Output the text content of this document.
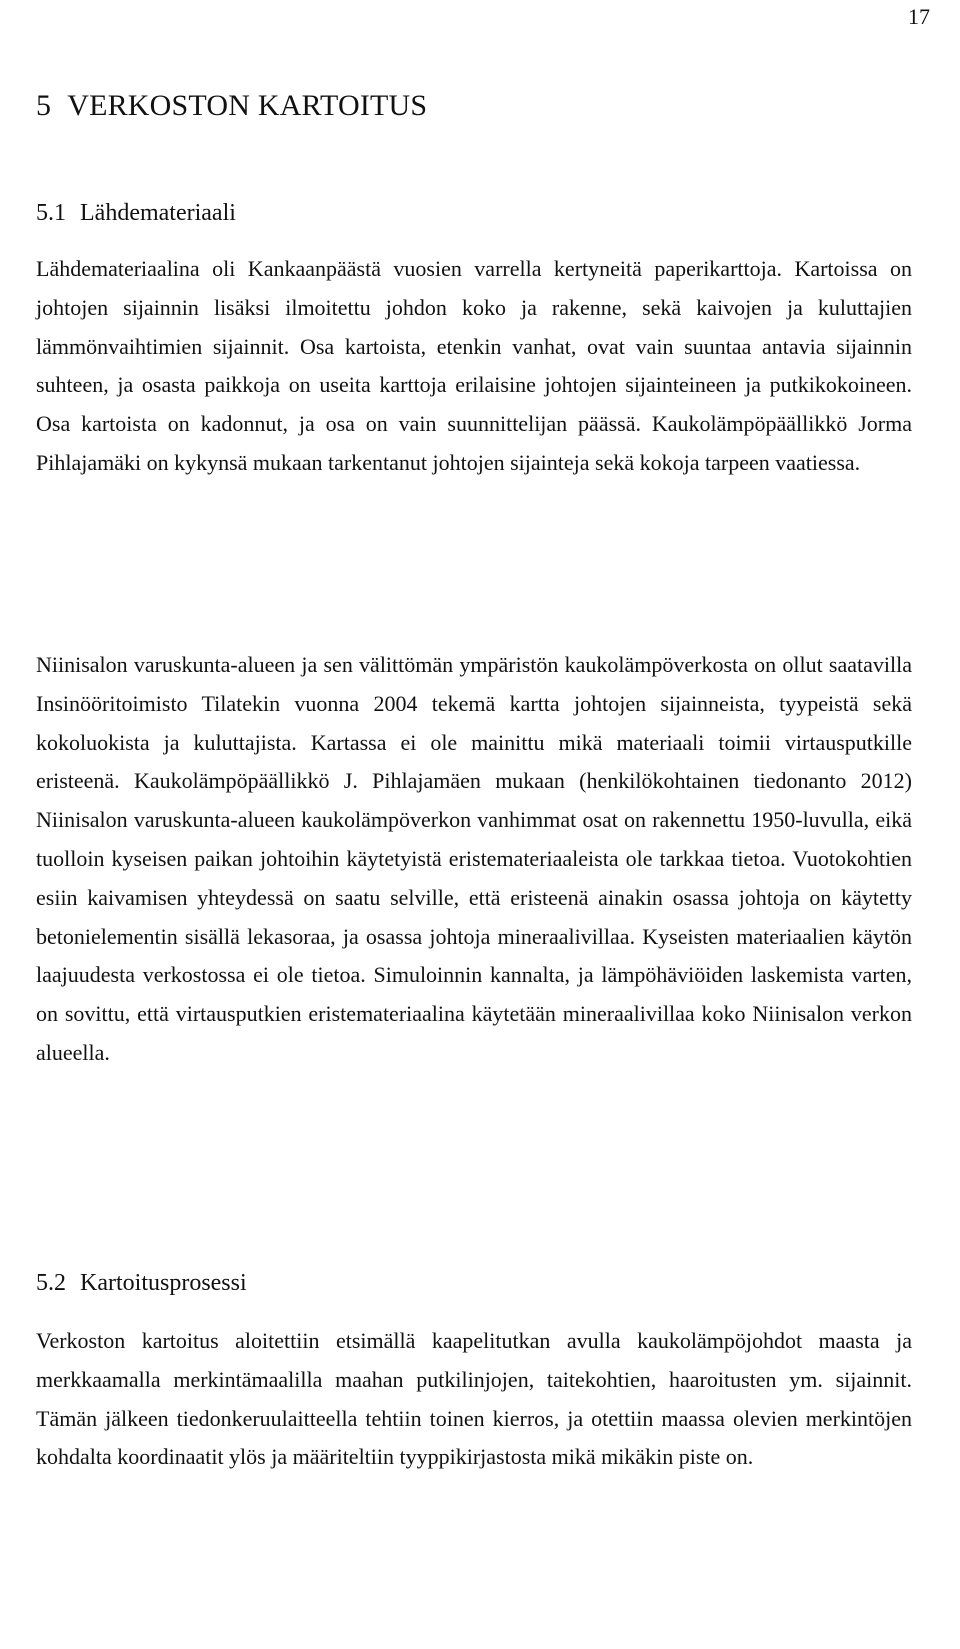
17
5 VERKOSTON KARTOITUS
5.1 Lähdemateriaali

Lähdemateriaalina oli Kankaanpäästä vuosien varrella kertyneitä paperikarttoja. Kartoissa on johtojen sijainnin lisäksi ilmoitettu johdon koko ja rakenne, sekä kaivojen ja kuluttajien lämmönvaihtimien sijainnit. Osa kartoista, etenkin vanhat, ovat vain suuntaa antavia sijainnin suhteen, ja osasta paikkoja on useita karttoja erilaisine johtojen sijainteineen ja putkikokoineen. Osa kartoista on kadonnut, ja osa on vain suunnittelijan päässä. Kaukolämpöpäällikkö Jorma Pihlajamäki on kykynsä mukaan tarkentanut johtojen sijainteja sekä kokoja tarpeen vaatiessa.

Niinisalon varuskunta-alueen ja sen välittömän ympäristön kaukolämpöverkosta on ollut saatavilla Insinööritoimisto Tilatekin vuonna 2004 tekemä kartta johtojen sijainneista, tyypeistä sekä kokoluokista ja kuluttajista. Kartassa ei ole mainittu mikä materiaali toimii virtausputkille eristeenä. Kaukolämpöpäällikkö J. Pihlajamäen mukaan (henkilökohtainen tiedonanto 2012) Niinisalon varuskunta-alueen kaukolämpöverkon vanhimmat osat on rakennettu 1950-luvulla, eikä tuolloin kyseisen paikan johtoihin käytetyistä eristemateriaaleista ole tarkkaa tietoa. Vuotokohtien esiin kaivamisen yhteydessä on saatu selville, että eristeenä ainakin osassa johtoja on käytetty betonielementin sisällä lekasoraa, ja osassa johtoja mineraalivillaa. Kyseisten materiaalien käytön laajuudesta verkostossa ei ole tietoa. Simuloinnin kannalta, ja lämpöhäviöiden laskemista varten, on sovittu, että virtausputkien eristemateriaalina käytetään mineraalivillaa koko Niinisalon verkon alueella.

5.2 Kartoitusprosessi

Verkoston kartoitus aloitettiin etsimällä kaapelitutkan avulla kaukolämpöjohdot maasta ja merkkaamalla merkintämaalilla maahan putkilinjojen, taitekohtien, haaroitusten ym. sijainnit. Tämän jälkeen tiedonkeruulaitteella tehtiin toinen kierros, ja otettiin maassa olevien merkintöjen kohdalta koordinaatit ylös ja määriteltiin tyyppikirjastosta mikä mikäkin piste on.
